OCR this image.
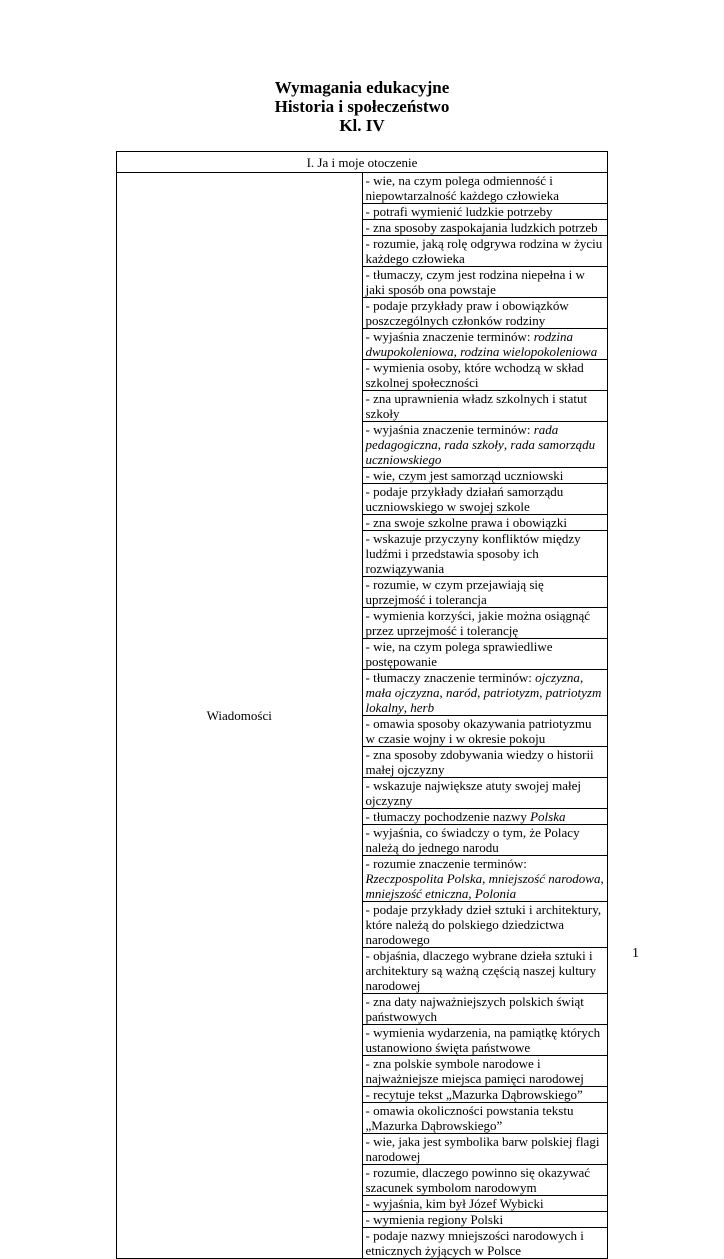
Wymagania edukacyjne
Historia i społeczeństwo
Kl. IV
I. Ja i moje otoczenie
Wiadomości	- wie, na czym polega odmienność i niepowtarzalność każdego człowieka
- potrafi wymienić ludzkie potrzeby
- zna sposoby zaspokajania ludzkich potrzeb
- rozumie, jaką rolę odgrywa rodzina w życiu każdego człowieka
- tłumaczy, czym jest rodzina niepełna i w jaki sposób ona powstaje
- podaje przykłady praw i obowiązków poszczególnych członków rodziny
- wyjaśnia znaczenie terminów: rodzina dwupokoleniowa, rodzina wielopokoleniowa
- wymienia osoby, które wchodzą w skład szkolnej społeczności
- zna uprawnienia władz szkolnych i statut szkoły
- wyjaśnia znaczenie terminów: rada pedagogiczna, rada szkoły, rada samorządu uczniowskiego
- wie, czym jest samorząd uczniowski
- podaje przykłady działań samorządu uczniowskiego w swojej szkole
- zna swoje szkolne prawa i obowiązki
- wskazuje przyczyny konfliktów między ludźmi i przedstawia sposoby ich rozwiązywania
- rozumie, w czym przejawiają się uprzejmość i tolerancja
- wymienia korzyści, jakie można osiągnąć przez uprzejmość i tolerancję
- wie, na czym polega sprawiedliwe postępowanie
- tłumaczy znaczenie terminów: ojczyzna, mała ojczyzna, naród, patriotyzm, patriotyzm lokalny, herb
- omawia sposoby okazywania patriotyzmu w czasie wojny i w okresie pokoju
- zna sposoby zdobywania wiedzy o historii małej ojczyzny
- wskazuje największe atuty swojej małej ojczyzny
- tłumaczy pochodzenie nazwy Polska
- wyjaśnia, co świadczy o tym, że Polacy należą do jednego narodu
- rozumie znaczenie terminów: Rzeczpospolita Polska, mniejszość narodowa, mniejszość etniczna, Polonia
- podaje przykłady dzieł sztuki i architektury, które należą do polskiego dziedzictwa narodowego
- objaśnia, dlaczego wybrane dzieła sztuki i architektury są ważną częścią naszej kultury narodowej
- zna daty najważniejszych polskich świąt państwowych
- wymienia wydarzenia, na pamiątkę których ustanowiono święta państwowe
- zna polskie symbole narodowe i najważniejsze miejsca pamięci narodowej
- recytuje tekst „Mazurka Dąbrowskiego”
- omawia okoliczności powstania tekstu „Mazurka Dąbrowskiego”
- wie, jaka jest symbolika barw polskiej flagi narodowej
- rozumie, dlaczego powinno się okazywać szacunek symbolom narodowym
- wyjaśnia, kim był Józef Wybicki
- wymienia regiony Polski
- podaje nazwy mniejszości narodowych i etnicznych żyjących w Polsce
1
